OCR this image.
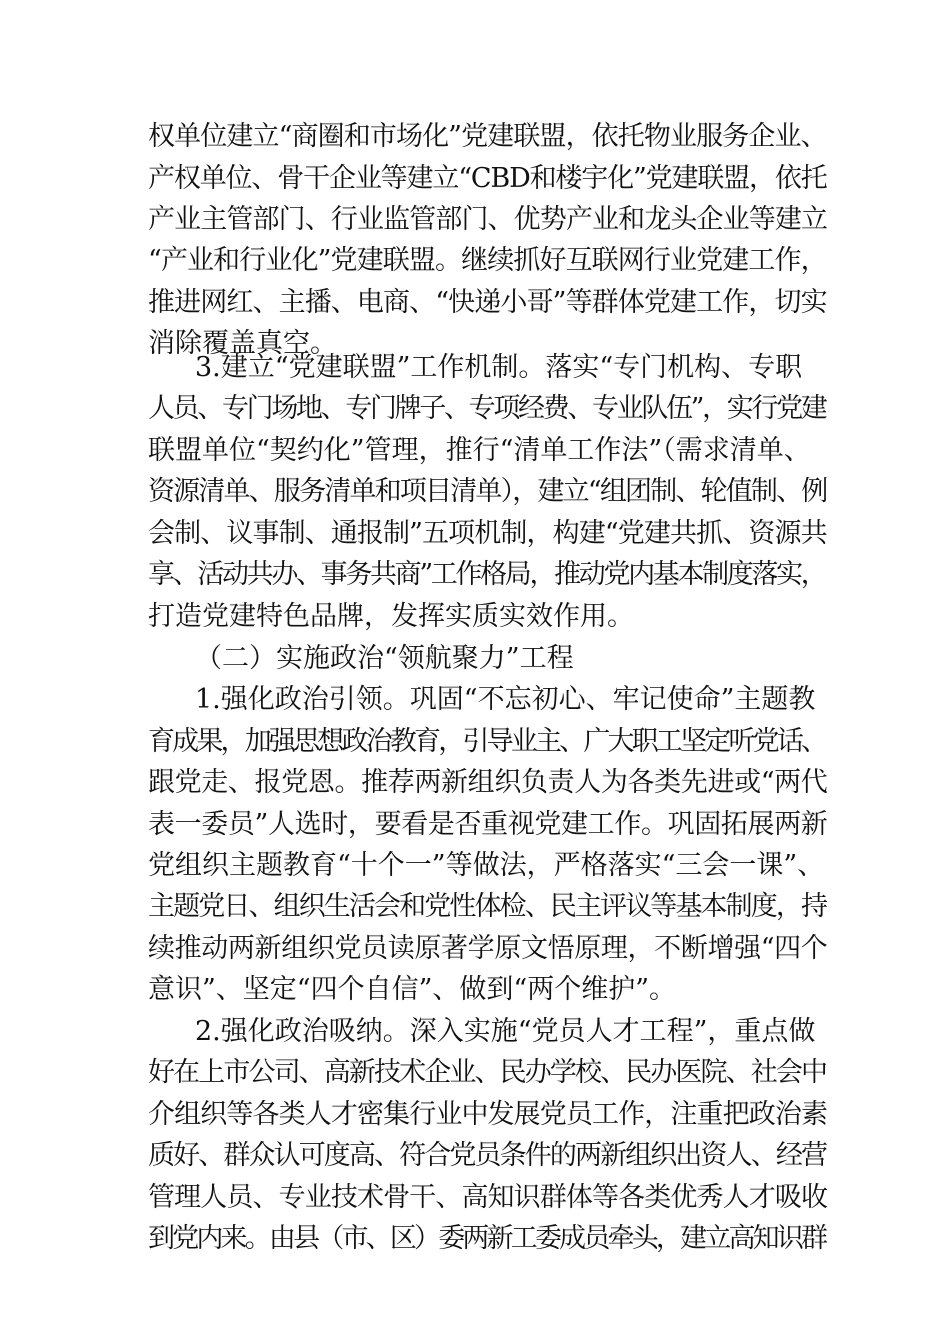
权单位建立“商圈和市场化”党建联盟，依托物业服务企业、
产权单位、骨干企业等建立“CBD和楼宇化”党建联盟，依托
产业主管部门、行业监管部门、优势产业和龙头企业等建立
“产业和行业化”党建联盟。继续抓好互联网行业党建工作，
推进网红、主播、电商、“快递小哥”等群体党建工作，切实
消除覆盖真空。
3.建立“党建联盟”工作机制。落实“专门机构、专职
人员、专门场地、专门牌子、专项经费、专业队伍”，实行党建
联盟单位“契约化”管理，推行“清单工作法”（需求清单、
资源清单、服务清单和项目清单），建立“组团制、轮值制、例
会制、议事制、通报制”五项机制，构建“党建共抓、资源共
享、活动共办、事务共商”工作格局，推动党内基本制度落实，
打造党建特色品牌，发挥实质实效作用。
（二）实施政治“领航聚力”工程
1.强化政治引领。巩固“不忘初心、牢记使命”主题教
育成果，加强思想政治教育，引导业主、广大职工坚定听党话、
跟党走、报党恩。推荐两新组织负责人为各类先进或“两代
表一委员”人选时，要看是否重视党建工作。巩固拓展两新
党组织主题教育“十个一”等做法，严格落实“三会一课”、
主题党日、组织生活会和党性体检、民主评议等基本制度，持
续推动两新组织党员读原著学原文悟原理，不断增强“四个
意识”、坚定“四个自信”、做到“两个维护”。
2.强化政治吸纳。深入实施“党员人才工程”，重点做
好在上市公司、高新技术企业、民办学校、民办医院、社会中
介组织等各类人才密集行业中发展党员工作，注重把政治素
质好、群众认可度高、符合党员条件的两新组织出资人、经营
管理人员、专业技术骨干、高知识群体等各类优秀人才吸收
到党内来。由县（市、区）委两新工委成员牵头，建立高知识群
